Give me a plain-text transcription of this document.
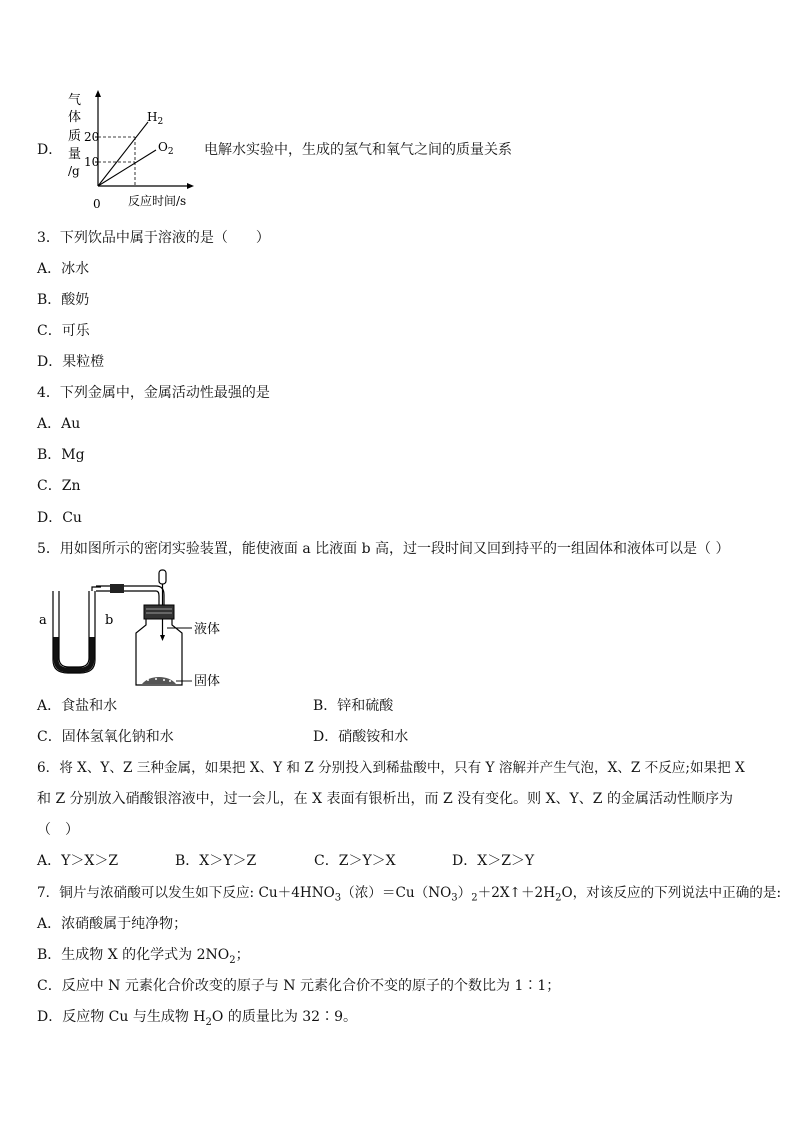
D．
气
体
质
量
/g
20
10
$H_2$
$O_2$
0 反应时间/s
电解水实验中，生成的氢气和氧气之间的质量关系
3．下列饮品中属于溶液的是（　　）
A．冰水
B．酸奶
C．可乐
D．果粒橙
4．下列金属中，金属活动性最强的是
A．Au
B．Mg
C．Zn
D．Cu
5．用如图所示的密闭实验装置，能使液面 a 比液面 b 高，过一段时间又回到持平的一组固体和液体可以是（ ）
a	b
液体
固体
A．食盐和水	B．锌和硫酸
C．固体氢氧化钠和水	D．硝酸铵和水
6．将 X、Y、Z 三种金属，如果把 X、Y 和 Z 分别投入到稀盐酸中，只有 Y 溶解并产生气泡，X、Z 不反应;如果把 X
和 Z 分别放入硝酸银溶液中，过一会儿，在 X 表面有银析出，而 Z 没有变化。则 X、Y、Z 的金属活动性顺序为
（　）
A．Y＞X＞Z	B．X＞Y＞Z	C．Z＞Y＞X	D．X＞Z＞Y
7．铜片与浓硝酸可以发生如下反应: $Cu+4HNO_3$（浓）$=Cu(NO_3)_2+2X↑+2H_2O$，对该反应的下列说法中正确的是:
A．浓硝酸属于纯净物；
B．生成物 X 的化学式为 $2NO_2$；
C．反应中 N 元素化合价改变的原子与 N 元素化合价不变的原子的个数比为 1∶1；
D．反应物 Cu 与生成物 $H_2O$ 的质量比为 32∶9。
